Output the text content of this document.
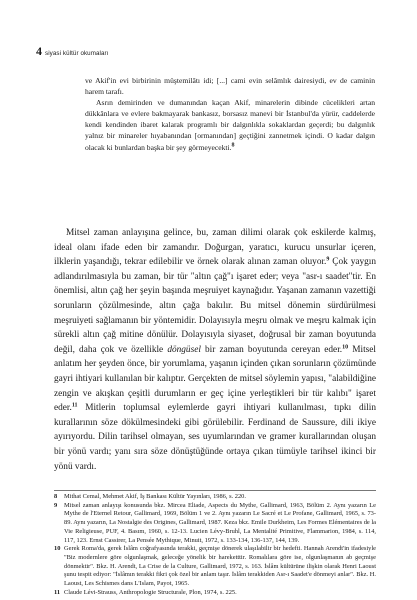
4 siyasi kültür okumaları

ve Akif'in evi birbirinin müştemilâtı idi; [...] cami evin selâmlık dairesiydi, ev de caminin harem tarafı.

Asrın demirinden ve dumanından kaçan Akif, minarelerin dibinde cücelikleri artan dükkânlara ve evlere bakmayarak bankasız, borsasız manevi bir İstanbul'da yürür, caddelerde kendi kendinden ibaret kalarak programlı bir dalgınlıkla sokaklardan geçerdi; bu dalgınlık yalnız bir minareler hıyabanından [ormanından] geçtiğini zannetmek içindi. O kadar dalgın olacak ki bunlardan başka bir şey görmeyecekti.$^8$

Mitsel zaman anlayışına gelince, bu, zaman dilimi olarak çok eskilerde kalmış, ideal olanı ifade eden bir zamandır. Doğurgan, yaratıcı, kurucu unsurlar içeren, ilklerin yaşandığı, tekrar edilebilir ve örnek olarak alınan zaman oluyor.$^9$ Çok yaygın adlandırılmasıyla bu zaman, bir tür "altın çağ"ı işaret eder; veya "asr-ı saadet"tir. En önemlisi, altın çağ her şeyin başında meşruiyet kaynağıdır. Yaşanan zamanın vazettiği sorunların çözülmesinde, altın çağa bakılır. Bu mitsel dönemin sürdürülmesi meşruiyeti sağlamanın bir yöntemidir. Dolayısıyla meşru olmak ve meşru kalmak için sürekli altın çağ mitine dönülür. Dolayısıyla siyaset, doğrusal bir zaman boyutunda değil, daha çok ve özellikle döngüsel bir zaman boyutunda cereyan eder.$^{10}$ Mitsel anlatım her şeyden önce, bir yorumlama, yaşanın içinden çıkan sorunların çözümünde gayri ihtiyari kullanılan bir kalıptır. Gerçekten de mitsel söylemin yapısı, "alabildiğine zengin ve akışkan çeşitli durumların er geç içine yerleştikleri bir tür kalıbı" işaret eder.$^{11}$ Mitlerin toplumsal eylemlerde gayri ihtiyari kullanılması, tıpkı dilin kurallarının söze dökülmesindeki gibi görülebilir. Ferdinand de Saussure, dili ikiye ayırıyordu. Dilin tarihsel olmayan, ses uyumlarından ve gramer kurallarından oluşan bir yönü vardı; yanı sıra söze dönüştüğünde ortaya çıkan tümüyle tarihsel ikinci bir yönü vardı.

8	Mithat Cemal, Mehmet Akif, İş Bankası Kültür Yayınları, 1986, s. 220.
9	Mitsel zaman anlayışı konusunda bkz. Mircea Eliade, Aspects du Mythe, Gallimard, 1963, Bölüm 2. Aynı yazarın Le Mythe de l'Eternel Retour, Gallimard, 1969, Bölüm 1 ve 2. Aynı yazarın Le Sacré et Le Profane, Gallimard, 1965, s. 73-89. Aynı yazarın, La Nostalgie des Origines, Gallimard, 1987. Keza bkz. Emile Durkheim, Les Formes Elémentaires de la Vie Religieuse, PUF, 4. Basım, 1960, s. 12-13. Lucien Lévy-Bruhl, La Mentalité Primitive, Flammarion, 1984, s. 114, 117, 123. Ernst Cassirer, La Pensée Mythique, Minuit, 1972, s. 133-134, 136-137, 144, 139.
10 Gerek Roma'da, gerek İslâm coğrafyasında terakki, geçmişe dönerek ulaşılabilir bir hedefti. Hannah Arendt'in ifadesiyle "Biz modernlere göre olgunlaşmak, geleceğe yönelik bir hareketttir. Romalılara göre ise, olgunlaşmanın ab geçmişe dönmektir". Bkz. H. Arendt, La Crise de la Culture, Gallimard, 1972, s. 163. İslâm kültürüne ilişkin olarak Henri Laoust şunu tespit ediyor: "İslâmın terakki fikri çok özel bir anlam taşır. İslâm terakkiden Asr-ı Saadet'e dönmeyi anlar". Bkz. H. Laoust, Les Schismes dans L'Islam, Payot, 1965.
11 Claude Lévi-Strauss, Anthropologie Structurale, Plon, 1974, s. 225.
